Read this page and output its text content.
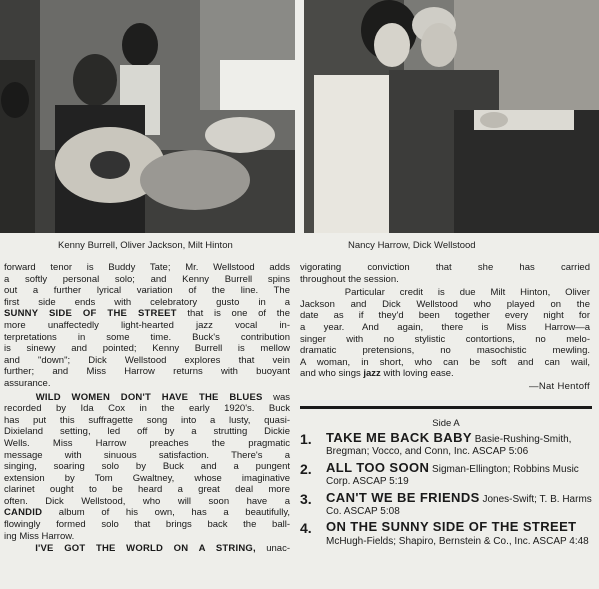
Kenny Burrell, Oliver Jackson, Milt Hinton	Nancy Harrow, Dick Wellstood

forward tenor is Buddy Tate; Mr. Wellstood adds
a softly personal solo; and Kenny Burrell spins
out a further lyrical variation of the line. The
first side ends with celebratory gusto in a
SUNNY SIDE OF THE STREET that is one of the
more unaffectedly light-hearted jazz vocal in-
terpretations in some time. Buck's contribution
is sinewy and pointed; Kenny Burrell is mellow
and "down"; Dick Wellstood explores that vein
further; and Miss Harrow returns with buoyant
assurance.

WILD WOMEN DON'T HAVE THE BLUES was
recorded by Ida Cox in the early 1920's. Buck
has put this suffragette song into a lusty, quasi-
Dixieland setting, led off by a strutting Dickie
Wells. Miss Harrow preaches the pragmatic
message with sinuous satisfaction. There's a
singing, soaring solo by Buck and a pungent
extension by Tom Gwaltney, whose imaginative
clarinet ought to be heard a great deal more
often. Dick Wellstood, who will soon have a
CANDID album of his own, has a beautifully,
flowingly formed solo that brings back the ball-
ing Miss Harrow.

I'VE GOT THE WORLD ON A STRING, unac-

vigorating conviction that she has carried
throughout the session.

Particular credit is due Milt Hinton, Oliver
Jackson and Dick Wellstood who played on the
date as if they'd been together every night for
a year. And again, there is Miss Harrow—a
singer with no stylistic contortions, no melo-
dramatic pretensions, no masochistic mewling.
A woman, in short, who can be soft and can wail,
and who sings jazz with loving ease.

—Nat Hentoff
Side A
1. TAKE ME BACK BABY Basie-Rushing-Smith, Bregman; Vocco, and Conn, Inc. ASCAP 5:06
2. ALL TOO SOON Sigman-Ellington; Robbins Music Corp. ASCAP 5:19
3. CAN'T WE BE FRIENDS Jones-Swift; T. B. Harms Co. ASCAP 5:08
4. ON THE SUNNY SIDE OF THE STREET McHugh-Fields; Shapiro, Bernstein & Co., Inc. ASCAP 4:48
